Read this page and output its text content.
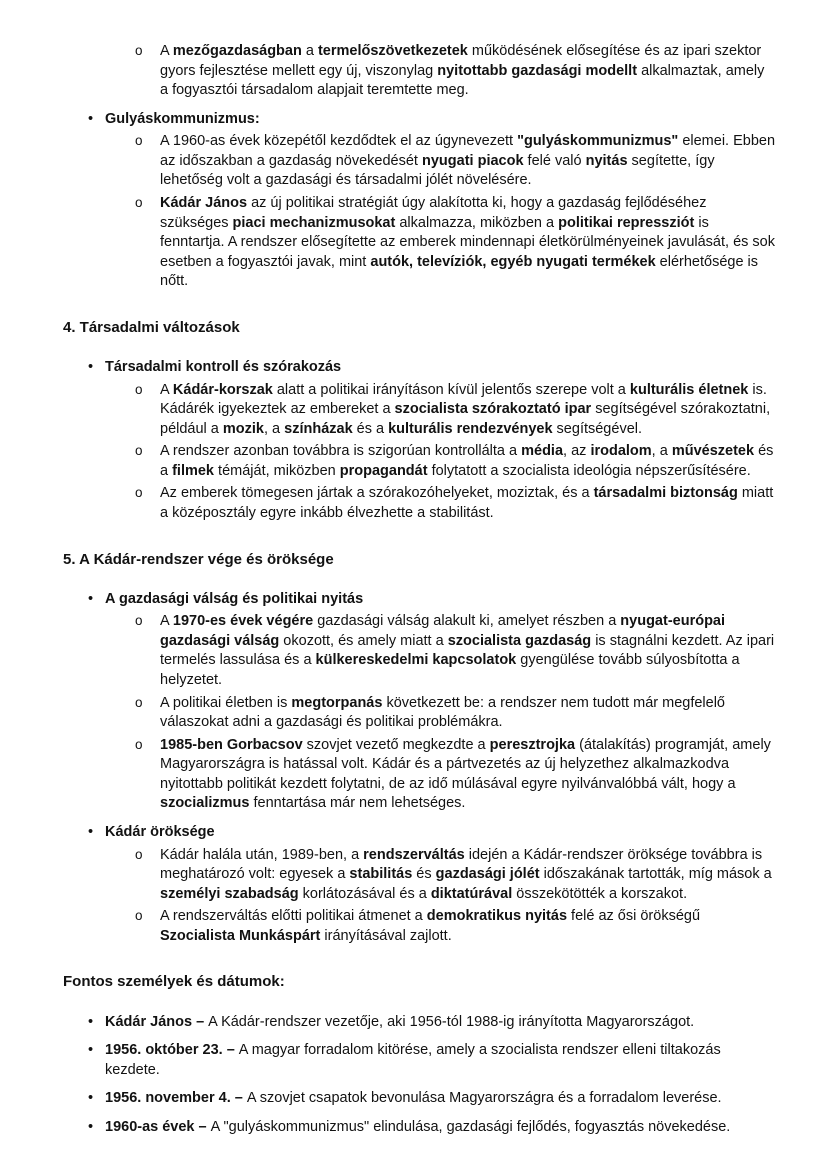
o	A mezőgazdaságban a termelőszövetkezetek működésének elősegítése és az ipari szektor gyors fejlesztése mellett egy új, viszonylag nyitottabb gazdasági modellt alkalmaztak, amely a fogyasztói társadalom alapjait teremtette meg.
• Gulyáskommunizmus:
o	A 1960-as évek közepétől kezdődtek el az úgynevezett "gulyáskommunizmus" elemei. Ebben az időszakban a gazdaság növekedését nyugati piacok felé való nyitás segítette, így lehetőség volt a gazdasági és társadalmi jólét növelésére.
o	Kádár János az új politikai stratégiát úgy alakította ki, hogy a gazdaság fejlődéséhez szükséges piaci mechanizmusokat alkalmazza, miközben a politikai repressziót is fenntartja. A rendszer elősegítette az emberek mindennapi életkörülményeinek javulását, és sok esetben a fogyasztói javak, mint autók, televíziók, egyéb nyugati termékek elérhetősége is nőtt.
4. Társadalmi változások
• Társadalmi kontroll és szórakozás
o	A Kádár-korszak alatt a politikai irányításon kívül jelentős szerepe volt a kulturális életnek is. Kádárék igyekeztek az embereket a szocialista szórakoztató ipar segítségével szórakoztatni, például a mozik, a színházak és a kulturális rendezvények segítségével.
o	A rendszer azonban továbbra is szigorúan kontrollálta a média, az irodalom, a művészetek és a filmek témáját, miközben propagandát folytatott a szocialista ideológia népszerűsítésére.
o	Az emberek tömegesen jártak a szórakozóhelyeket, moziztak, és a társadalmi biztonság miatt a középosztály egyre inkább élvezhette a stabilitást.
5. A Kádár-rendszer vége és öröksége
• A gazdasági válság és politikai nyitás
o	A 1970-es évek végére gazdasági válság alakult ki, amelyet részben a nyugat-európai gazdasági válság okozott, és amely miatt a szocialista gazdaság is stagnálni kezdett. Az ipari termelés lassulása és a külkereskedelmi kapcsolatok gyengülése tovább súlyosbította a helyzetet.
o	A politikai életben is megtorpanás következett be: a rendszer nem tudott már megfelelő válaszokat adni a gazdasági és politikai problémákra.
o	1985-ben Gorbacsov szovjet vezető megkezdte a peresztrojka (átalakítás) programját, amely Magyarországra is hatással volt. Kádár és a pártvezetés az új helyzethez alkalmazkodva nyitottabb politikát kezdett folytatni, de az idő múlásával egyre nyilvánvalóbbá vált, hogy a szocializmus fenntartása már nem lehetséges.
• Kádár öröksége
o	Kádár halála után, 1989-ben, a rendszerváltás idején a Kádár-rendszer öröksége továbbra is meghatározó volt: egyesek a stabilitás és gazdasági jólét időszakának tartották, míg mások a személyi szabadság korlátozásával és a diktatúrával összekötötték a korszakot.
o	A rendszerváltás előtti politikai átmenet a demokratikus nyitás felé az ősi örökségű Szocialista Munkáspárt irányításával zajlott.
Fontos személyek és dátumok:
• Kádár János – A Kádár-rendszer vezetője, aki 1956-tól 1988-ig irányította Magyarországot.
• 1956. október 23. – A magyar forradalom kitörése, amely a szocialista rendszer elleni tiltakozás kezdete.
• 1956. november 4. – A szovjet csapatok bevonulása Magyarországra és a forradalom leverése.
• 1960-as évek – A "gulyáskommunizmus" elindulása, gazdasági fejlődés, fogyasztás növekedése.
